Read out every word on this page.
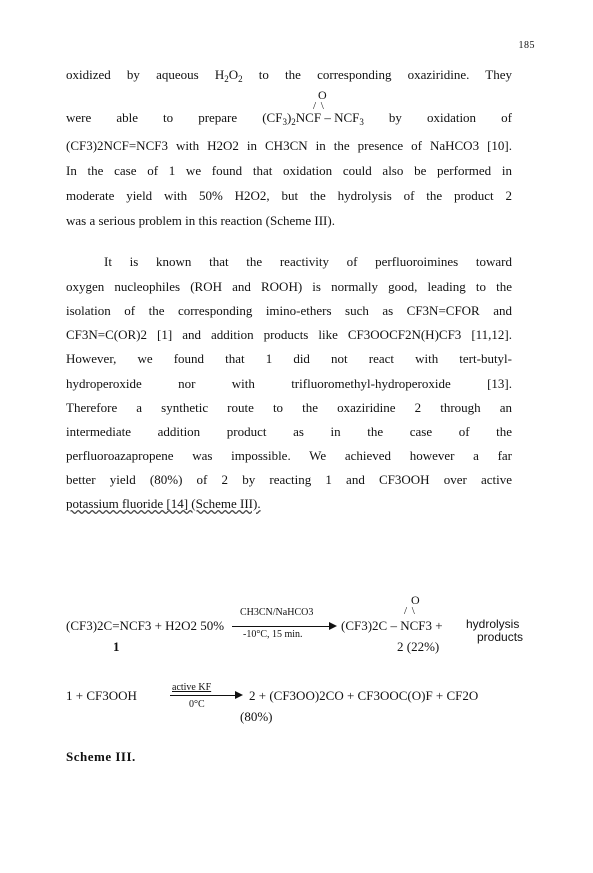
185
oxidized by aqueous $H_2O_2$ to the corresponding oxaziridine. They
O
/ \
were able to prepare $(CF_3)_2NCF - NCF_3$ by oxidation of
(CF3)2NCF=NCF3 with H2O2 in CH3CN in the presence of NaHCO3 [10].
In the case of 1 we found that oxidation could also be performed in
moderate yield with 50% H2O2, but the hydrolysis of the product 2
was a serious problem in this reaction (Scheme III).
It is known that the reactivity of perfluoroimines toward
oxygen nucleophiles (ROH and ROOH) is normally good, leading to the
isolation of the corresponding imino-ethers such as CF3N=CFOR and
CF3N=C(OR)2 [1] and addition products like CF3OOCF2N(H)CF3 [11,12].
However, we found that 1 did not react with tert-butyl-
hydroperoxide nor with trifluoromethyl-hydroperoxide [13].
Therefore a synthetic route to the oxaziridine 2 through an
intermediate addition product as in the case of the
perfluoroazapropene was impossible. We achieved however a far
better yield (80%) of 2 by reacting 1 and CF3OOH over active
potassium fluoride [14] (Scheme III).
O
/ \
(CF3)2C=NCF3 + H2O2 50%
CH3CN/NaHCO3
-10°C, 15 min.
(CF3)2C – NCF3 + hydrolysis
products
1	2 (22%)
1 + CF3OOH
active KF
0°C
2 + (CF3OO)2CO + CF3OOC(O)F + CF2O
(80%)
Scheme III.
